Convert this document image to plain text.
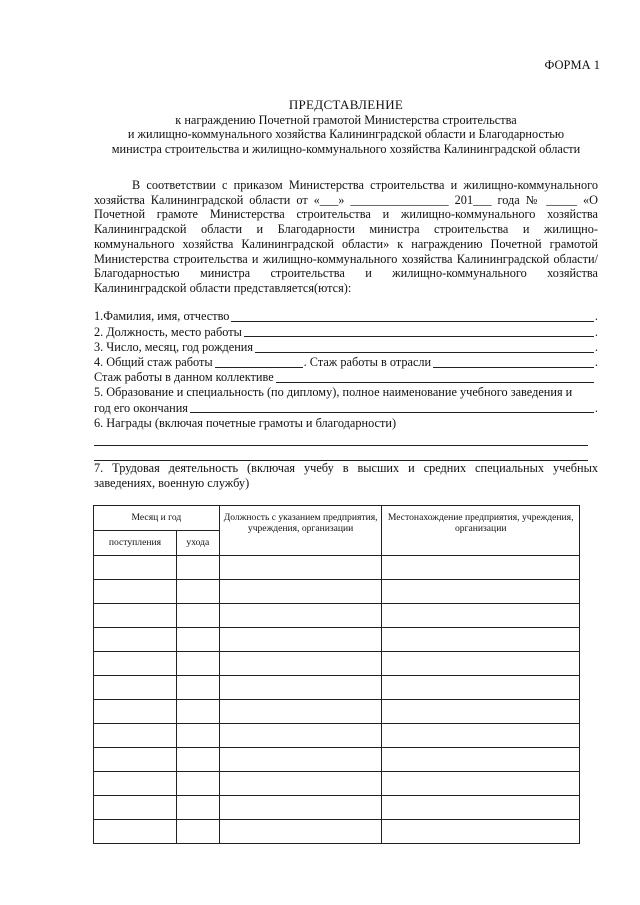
ФОРМА 1
ПРЕДСТАВЛЕНИЕ
к награждению Почетной грамотой Министерства строительства
и жилищно-коммунального хозяйства Калининградской области и Благодарностью
министра строительства и жилищно-коммунального хозяйства Калининградской области

В соответствии с приказом Министерства строительства и жилищно-коммунального хозяйства Калининградской области от «___» ________________ 201___ года № _____ «О Почетной грамоте Министерства строительства и жилищно-коммунального хозяйства Калининградской области и Благодарности министра строительства и жилищно-коммунального хозяйства Калининградской области» к награждению Почетной грамотой Министерства строительства и жилищно-коммунального хозяйства Калининградской области/Благодарностью министра строительства и жилищно-коммунального хозяйства Калининградской области представляется(ются):

1.Фамилия, имя, отчество	.
2. Должность, место работы	.
3. Число, месяц, год рождения	.
4. Общий стаж работы	. Стаж работы в отрасли	.
Стаж работы в данном коллективе
5. Образование и специальность (по диплому), полное наименование учебного заведения и
год его окончания	.
6. Награды (включая почетные грамоты и благодарности)

7. Трудовая деятельность (включая учебу в высших и средних специальных учебных заведениях, военную службу)

Месяц и год		Должность с указанием предприятия, учреждения, организации	Местонахождение предприятия, учреждения, организации
поступления	ухода		
